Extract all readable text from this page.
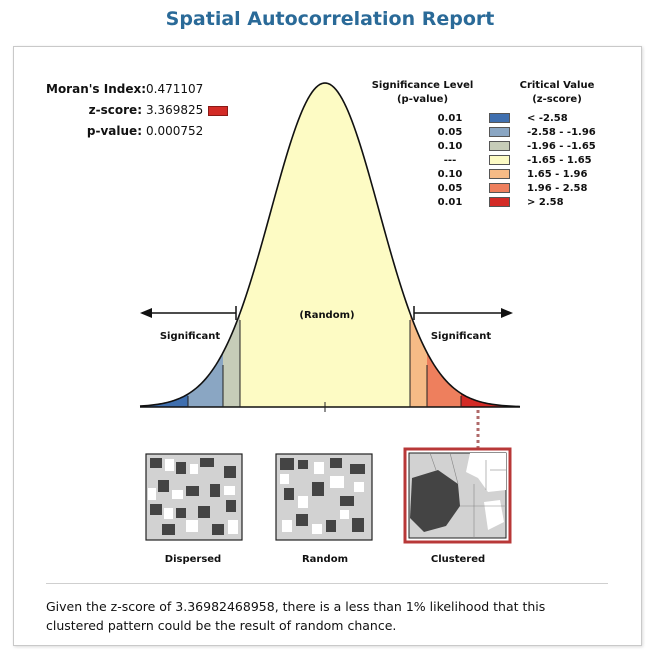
Spatial Autocorrelation Report
Moran's Index:0.471107
z-score: 3.369825
p-value: 0.000752
Significance Level
(p-value)
Critical Value
(z-score)
0.01
0.05
0.10
---
0.10
0.05
0.01
< -2.58
-2.58 - -1.96
-1.96 - -1.65
-1.65 - 1.65
1.65 - 1.96
1.96 - 2.58
> 2.58
Significant
(Random)
Significant
Dispersed	Random	Clustered
Given the z-score of 3.36982468958, there is a less than 1% likelihood that this clustered pattern could be the result of random chance.
